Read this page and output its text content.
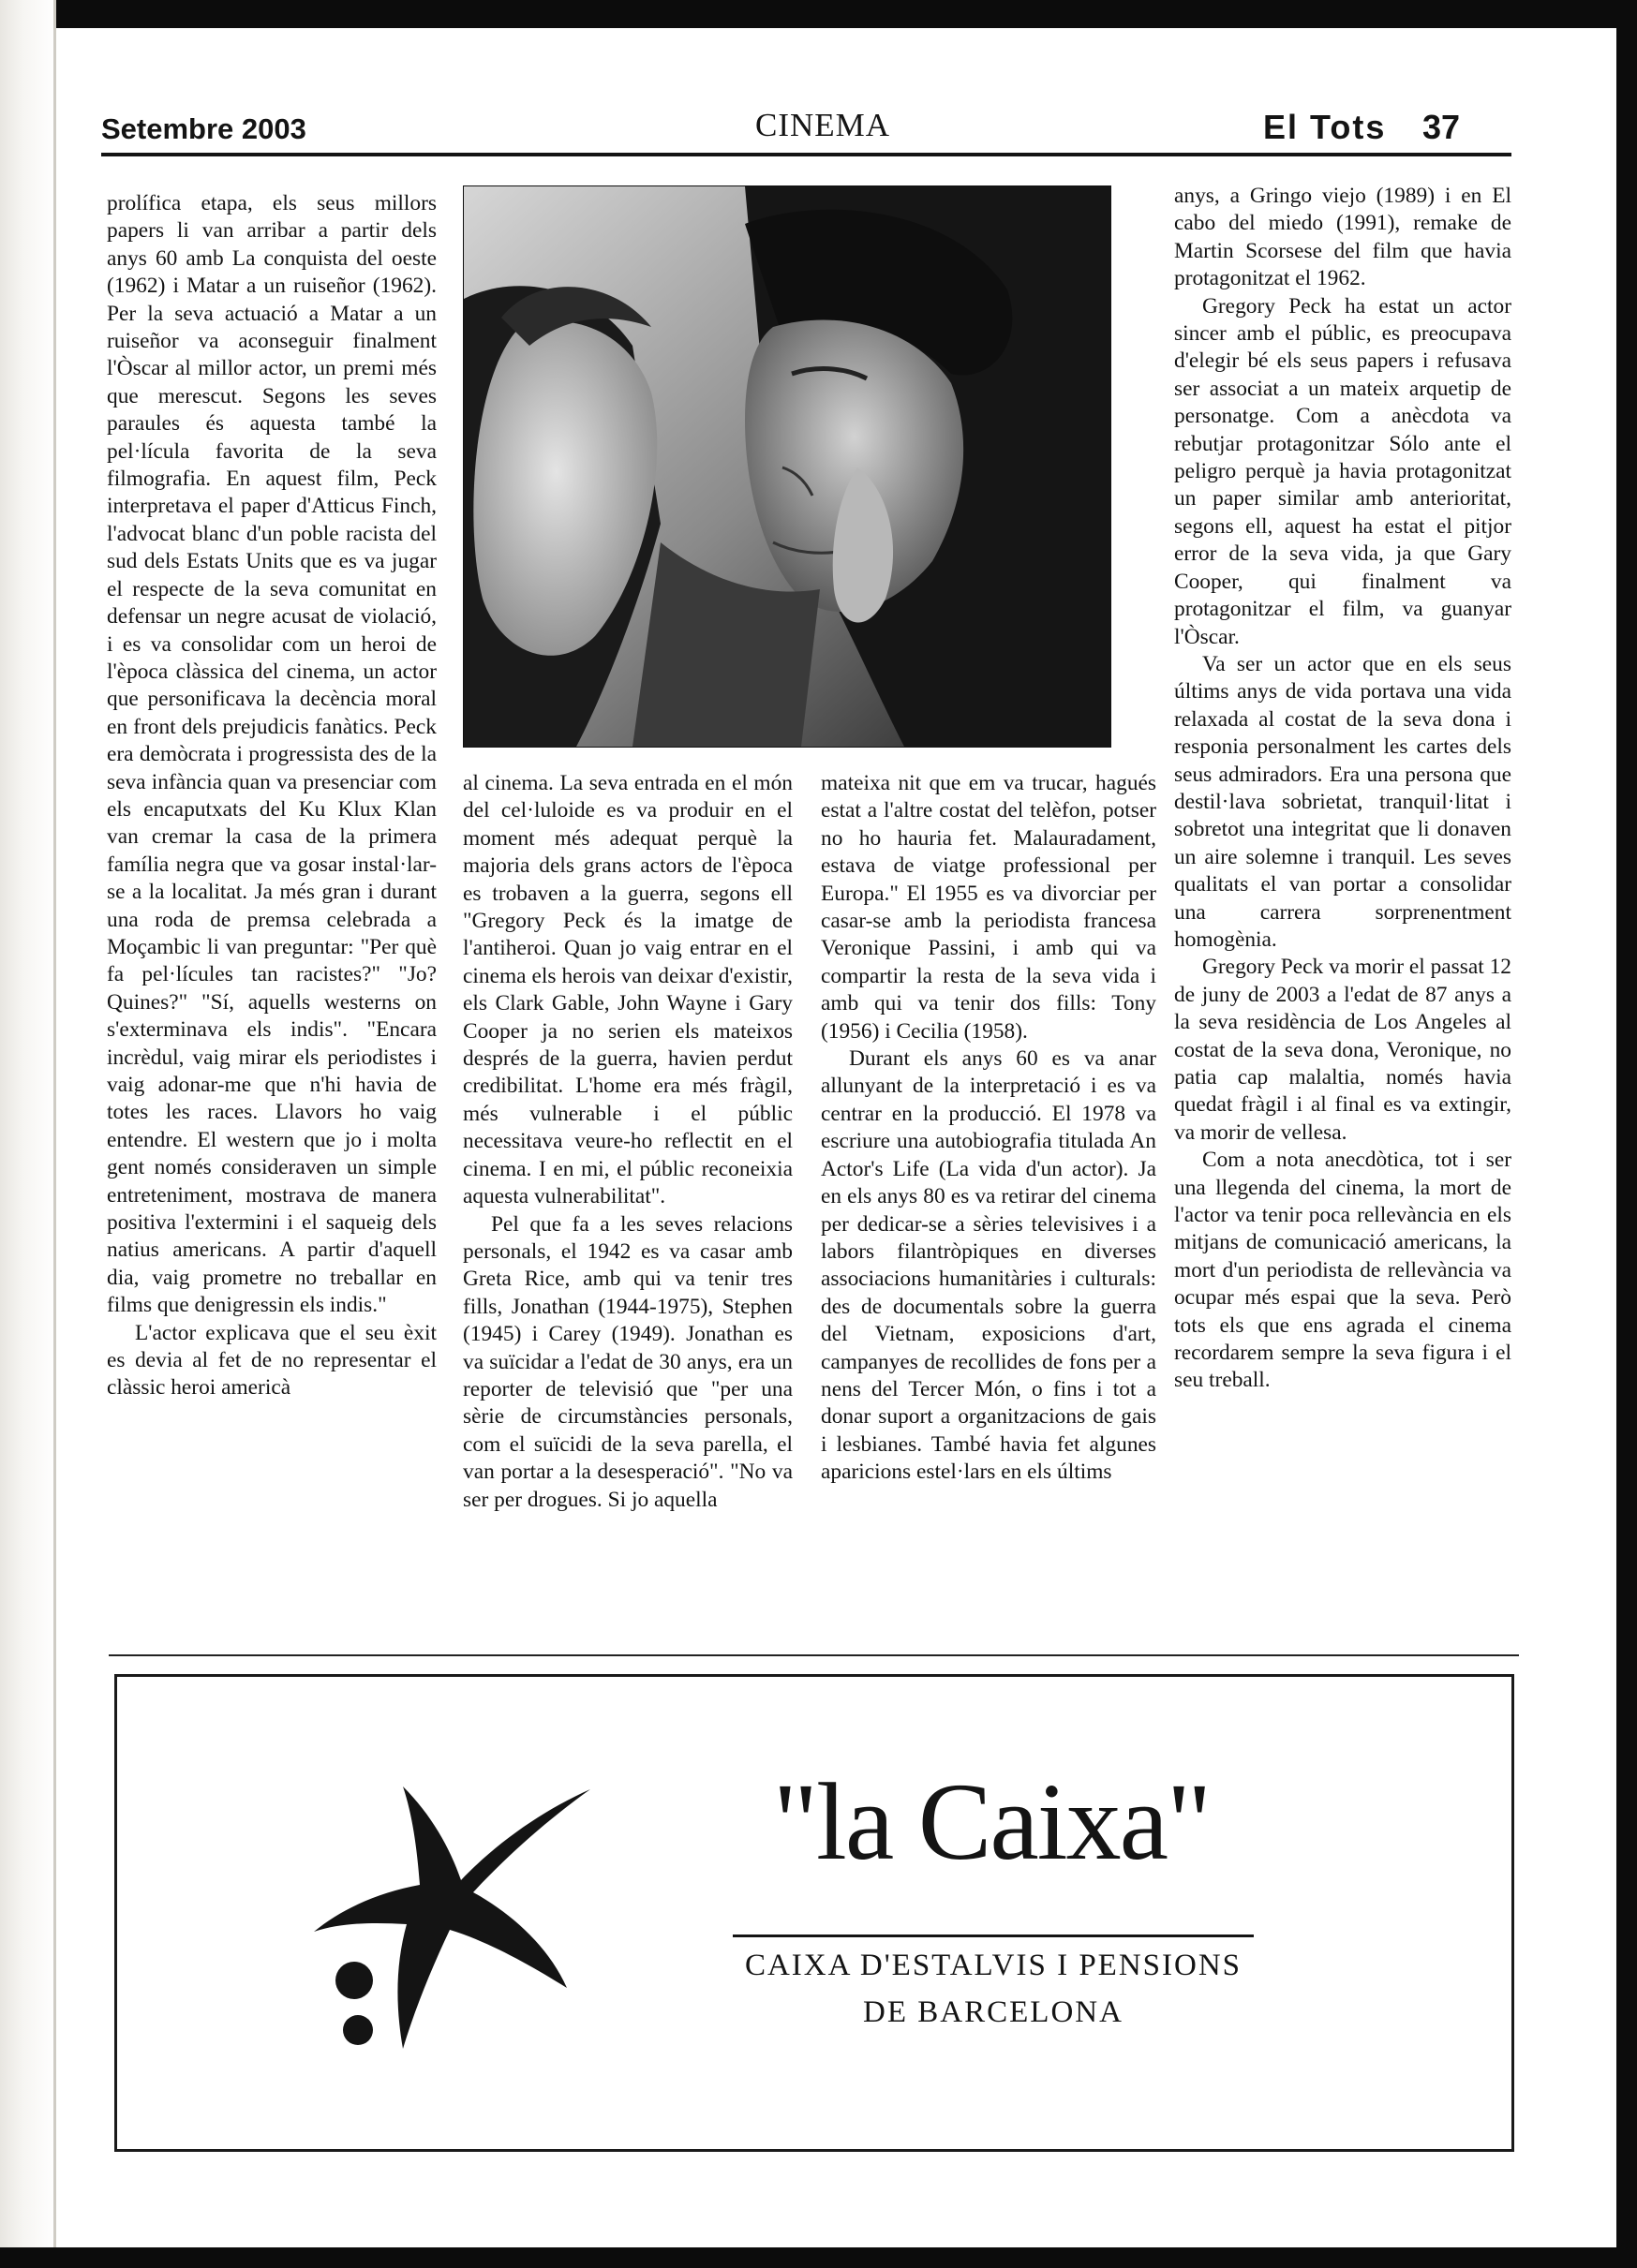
Setembre 2003	CINEMA	El Tots 37

prolífica etapa, els seus millors papers li van arribar a partir dels anys 60 amb La conquista del oeste (1962) i Matar a un ruiseñor (1962). Per la seva actuació a Matar a un ruiseñor va aconseguir finalment l'Òscar al millor actor, un premi més que merescut. Segons les seves paraules és aquesta també la pel·lícula favorita de la seva filmografia. En aquest film, Peck interpretava el paper d'Atticus Finch, l'advocat blanc d'un poble racista del sud dels Estats Units que es va jugar el respecte de la seva comunitat en defensar un negre acusat de violació, i es va consolidar com un heroi de l'època clàssica del cinema, un actor que personificava la decència moral en front dels prejudicis fanàtics. Peck era demòcrata i progressista des de la seva infància quan va presenciar com els encaputxats del Ku Klux Klan van cremar la casa de la primera família negra que va gosar instal·lar-se a la localitat. Ja més gran i durant una roda de premsa celebrada a Moçambic li van preguntar: "Per què fa pel·lícules tan racistes?" "Jo? Quines?" "Sí, aquells westerns on s'exterminava els indis". "Encara incrèdul, vaig mirar els periodistes i vaig adonar-me que n'hi havia de totes les races. Llavors ho vaig entendre. El western que jo i molta gent només consideraven un simple entreteniment, mostrava de manera positiva l'extermini i el saqueig dels natius americans. A partir d'aquell dia, vaig prometre no treballar en films que denigressin els indis."

L'actor explicava que el seu èxit es devia al fet de no representar el clàssic heroi americà

al cinema. La seva entrada en el món del cel·luloide es va produir en el moment més adequat perquè la majoria dels grans actors de l'època es trobaven a la guerra, segons ell "Gregory Peck és la imatge de l'antiheroi. Quan jo vaig entrar en el cinema els herois van deixar d'existir, els Clark Gable, John Wayne i Gary Cooper ja no serien els mateixos després de la guerra, havien perdut credibilitat. L'home era més fràgil, més vulnerable i el públic necessitava veure-ho reflectit en el cinema. I en mi, el públic reconeixia aquesta vulnerabilitat".

Pel que fa a les seves relacions personals, el 1942 es va casar amb Greta Rice, amb qui va tenir tres fills, Jonathan (1944-1975), Stephen (1945) i Carey (1949). Jonathan es va suïcidar a l'edat de 30 anys, era un reporter de televisió que "per una sèrie de circumstàncies personals, com el suïcidi de la seva parella, el van portar a la desesperació". "No va ser per drogues. Si jo aquella

mateixa nit que em va trucar, hagués estat a l'altre costat del telèfon, potser no ho hauria fet. Malauradament, estava de viatge professional per Europa." El 1955 es va divorciar per casar-se amb la periodista francesa Veronique Passini, i amb qui va compartir la resta de la seva vida i amb qui va tenir dos fills: Tony (1956) i Cecilia (1958).

Durant els anys 60 es va anar allunyant de la interpretació i es va centrar en la producció. El 1978 va escriure una autobiografia titulada An Actor's Life (La vida d'un actor). Ja en els anys 80 es va retirar del cinema per dedicar-se a sèries televisives i a labors filantròpiques en diverses associacions humanitàries i culturals: des de documentals sobre la guerra del Vietnam, exposicions d'art, campanyes de recollides de fons per a nens del Tercer Món, o fins i tot a donar suport a organitzacions de gais i lesbianes. També havia fet algunes aparicions estel·lars en els últims

anys, a Gringo viejo (1989) i en El cabo del miedo (1991), remake de Martin Scorsese del film que havia protagonitzat el 1962.

Gregory Peck ha estat un actor sincer amb el públic, es preocupava d'elegir bé els seus papers i refusava ser associat a un mateix arquetip de personatge. Com a anècdota va rebutjar protagonitzar Sólo ante el peligro perquè ja havia protagonitzat un paper similar amb anterioritat, segons ell, aquest ha estat el pitjor error de la seva vida, ja que Gary Cooper, qui finalment va protagonitzar el film, va guanyar l'Òscar.

Va ser un actor que en els seus últims anys de vida portava una vida relaxada al costat de la seva dona i responia personalment les cartes dels seus admiradors. Era una persona que destil·lava sobrietat, tranquil·litat i sobretot una integritat que li donaven un aire solemne i tranquil. Les seves qualitats el van portar a consolidar una carrera sorprenentment homogènia.

Gregory Peck va morir el passat 12 de juny de 2003 a l'edat de 87 anys a la seva residència de Los Angeles al costat de la seva dona, Veronique, no patia cap malaltia, només havia quedat fràgil i al final es va extingir, va morir de vellesa.

Com a nota anecdòtica, tot i ser una llegenda del cinema, la mort de l'actor va tenir poca rellevància en els mitjans de comunicació americans, la mort d'un periodista de rellevància va ocupar més espai que la seva. Però tots els que ens agrada el cinema recordarem sempre la seva figura i el seu treball.

"la Caixa"
CAIXA D'ESTALVIS I PENSIONS
DE BARCELONA
